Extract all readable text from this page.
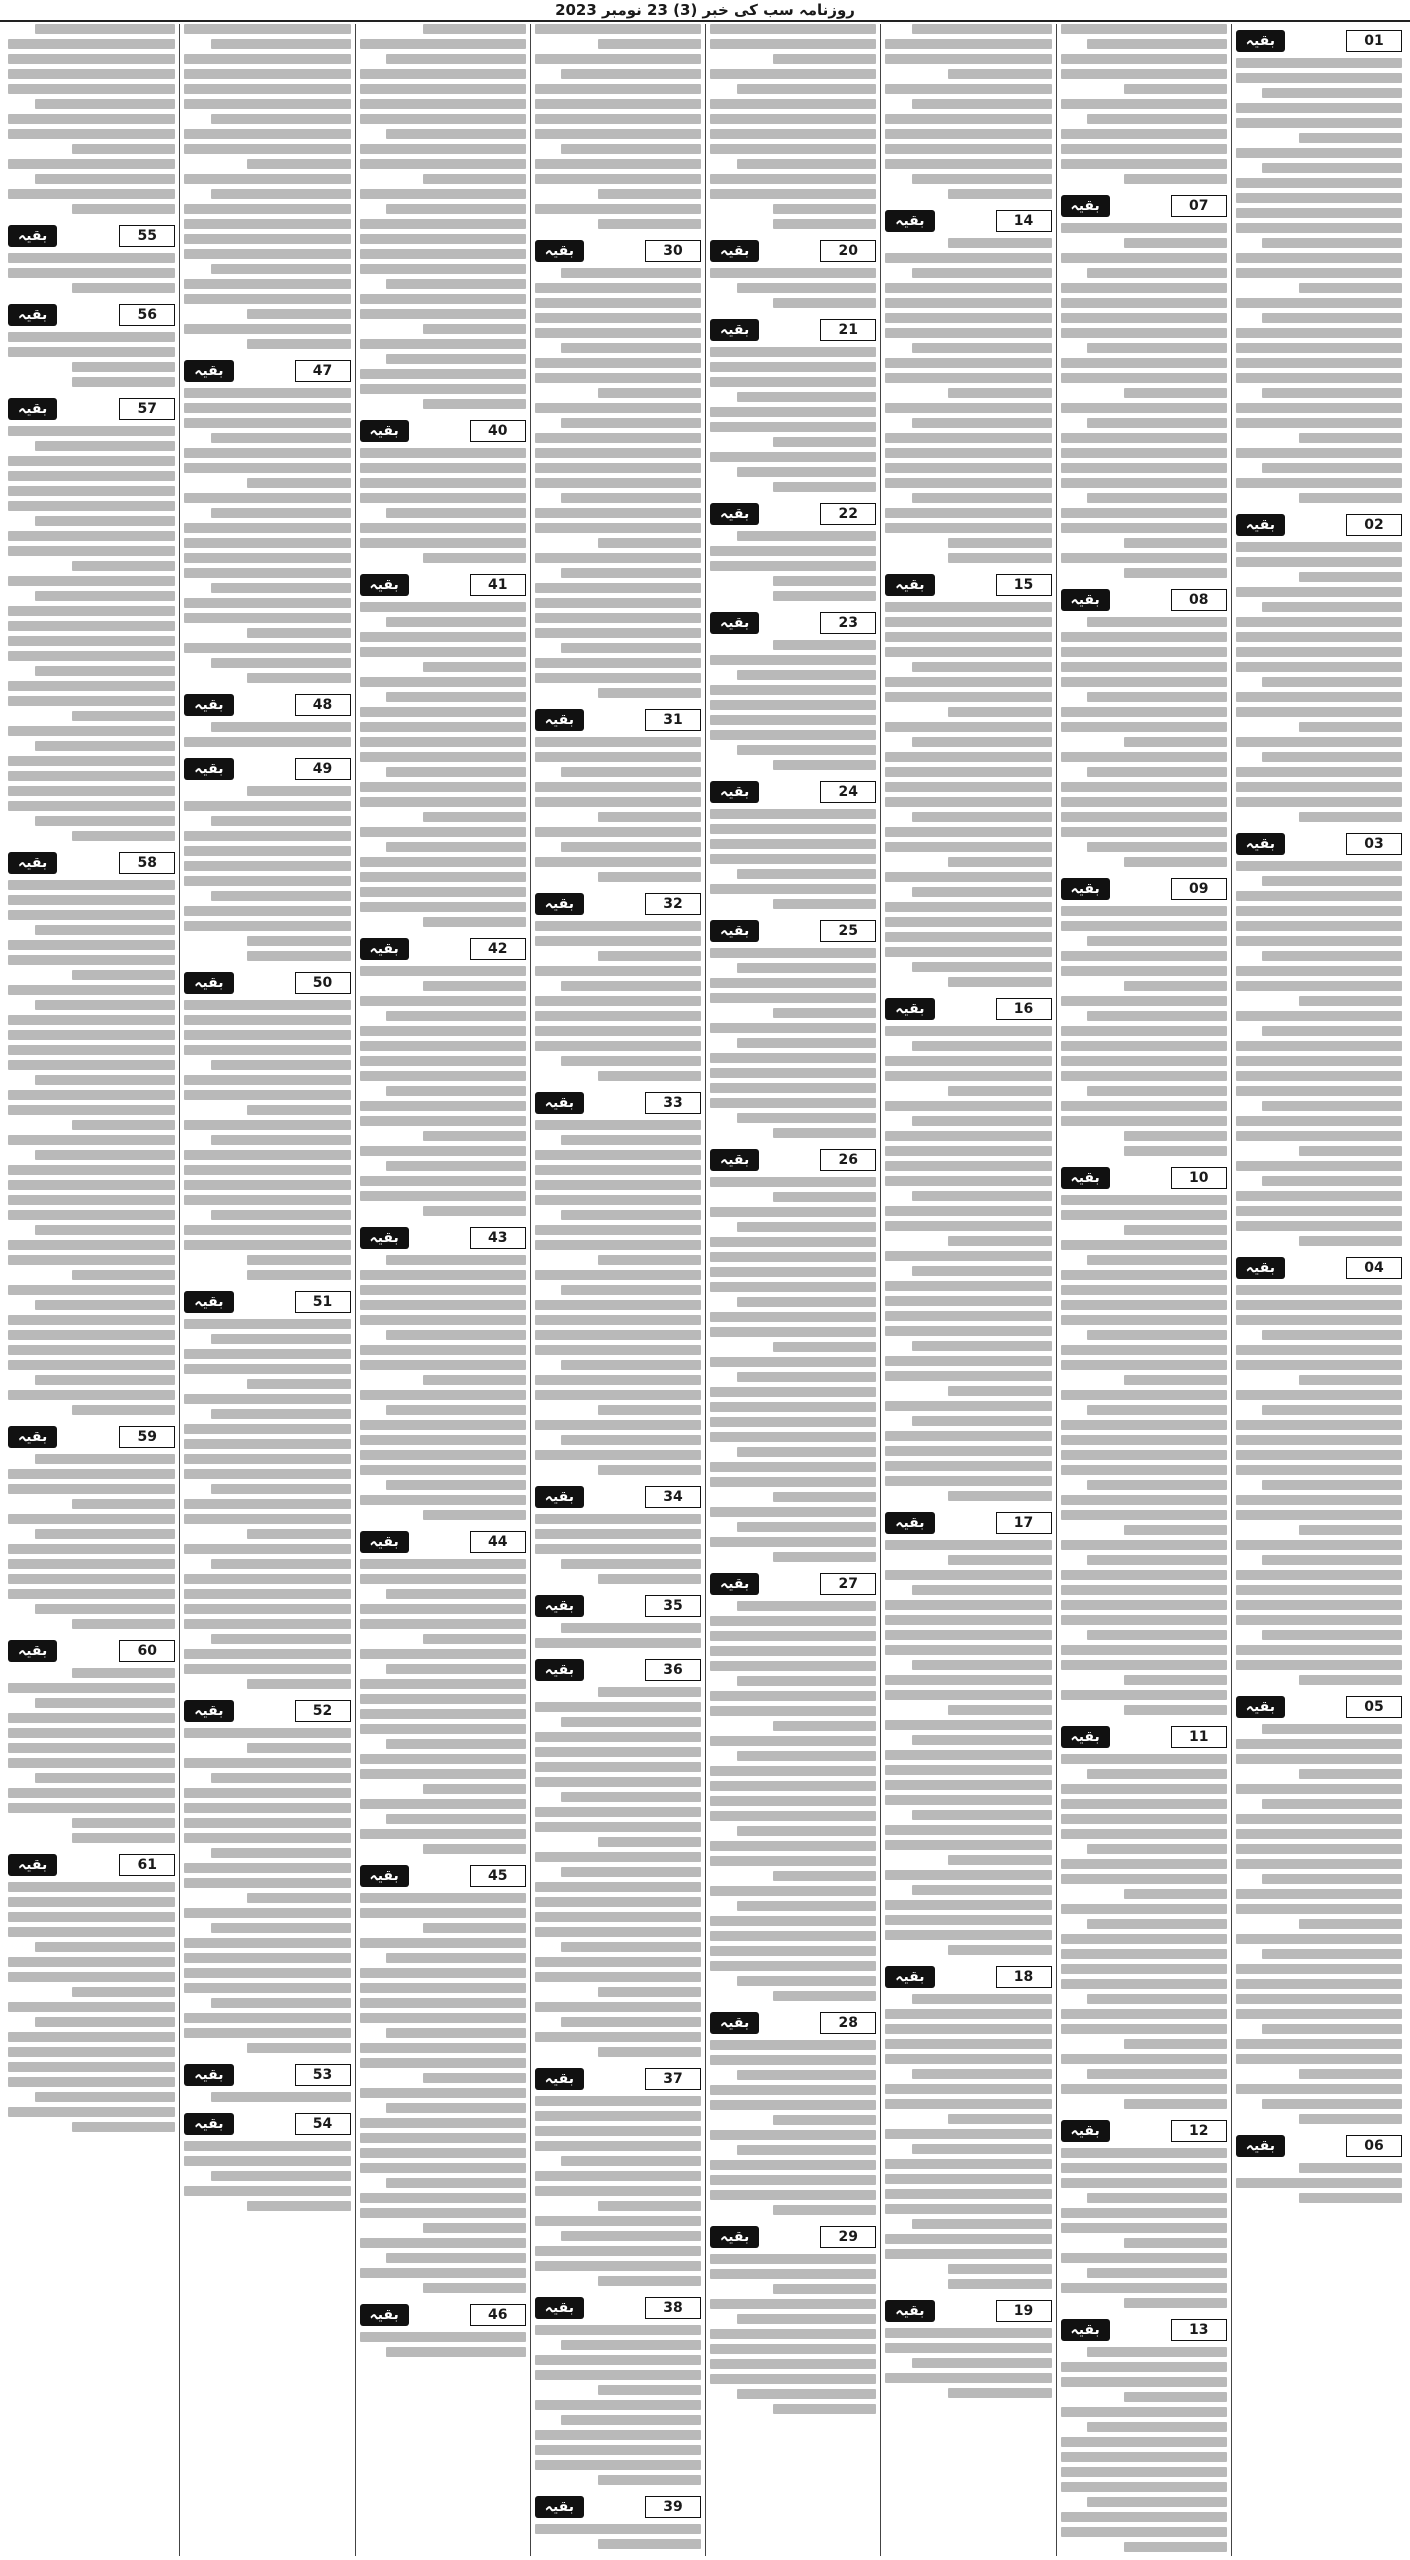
روزنامہ سب کی خبر (3) 23 نومبر 2023
01
بقیہ
02
بقیہ
03
بقیہ
04
بقیہ
05
بقیہ
06
بقیہ
07
بقیہ
08
بقیہ
09
بقیہ
10
بقیہ
11
بقیہ
12
بقیہ
13
بقیہ
14
بقیہ
15
بقیہ
16
بقیہ
17
بقیہ
18
بقیہ
19
بقیہ
20
بقیہ
21
بقیہ
22
بقیہ
23
بقیہ
24
بقیہ
25
بقیہ
26
بقیہ
27
بقیہ
28
بقیہ
29
بقیہ
30
بقیہ
31
بقیہ
32
بقیہ
33
بقیہ
34
بقیہ
35
بقیہ
36
بقیہ
37
بقیہ
38
بقیہ
39
بقیہ
40
بقیہ
41
بقیہ
42
بقیہ
43
بقیہ
44
بقیہ
45
بقیہ
46
بقیہ
47
بقیہ
48
بقیہ
49
بقیہ
50
بقیہ
51
بقیہ
52
بقیہ
53
بقیہ
54
بقیہ
55
بقیہ
56
بقیہ
57
بقیہ
58
بقیہ
59
بقیہ
60
بقیہ
61
بقیہ
